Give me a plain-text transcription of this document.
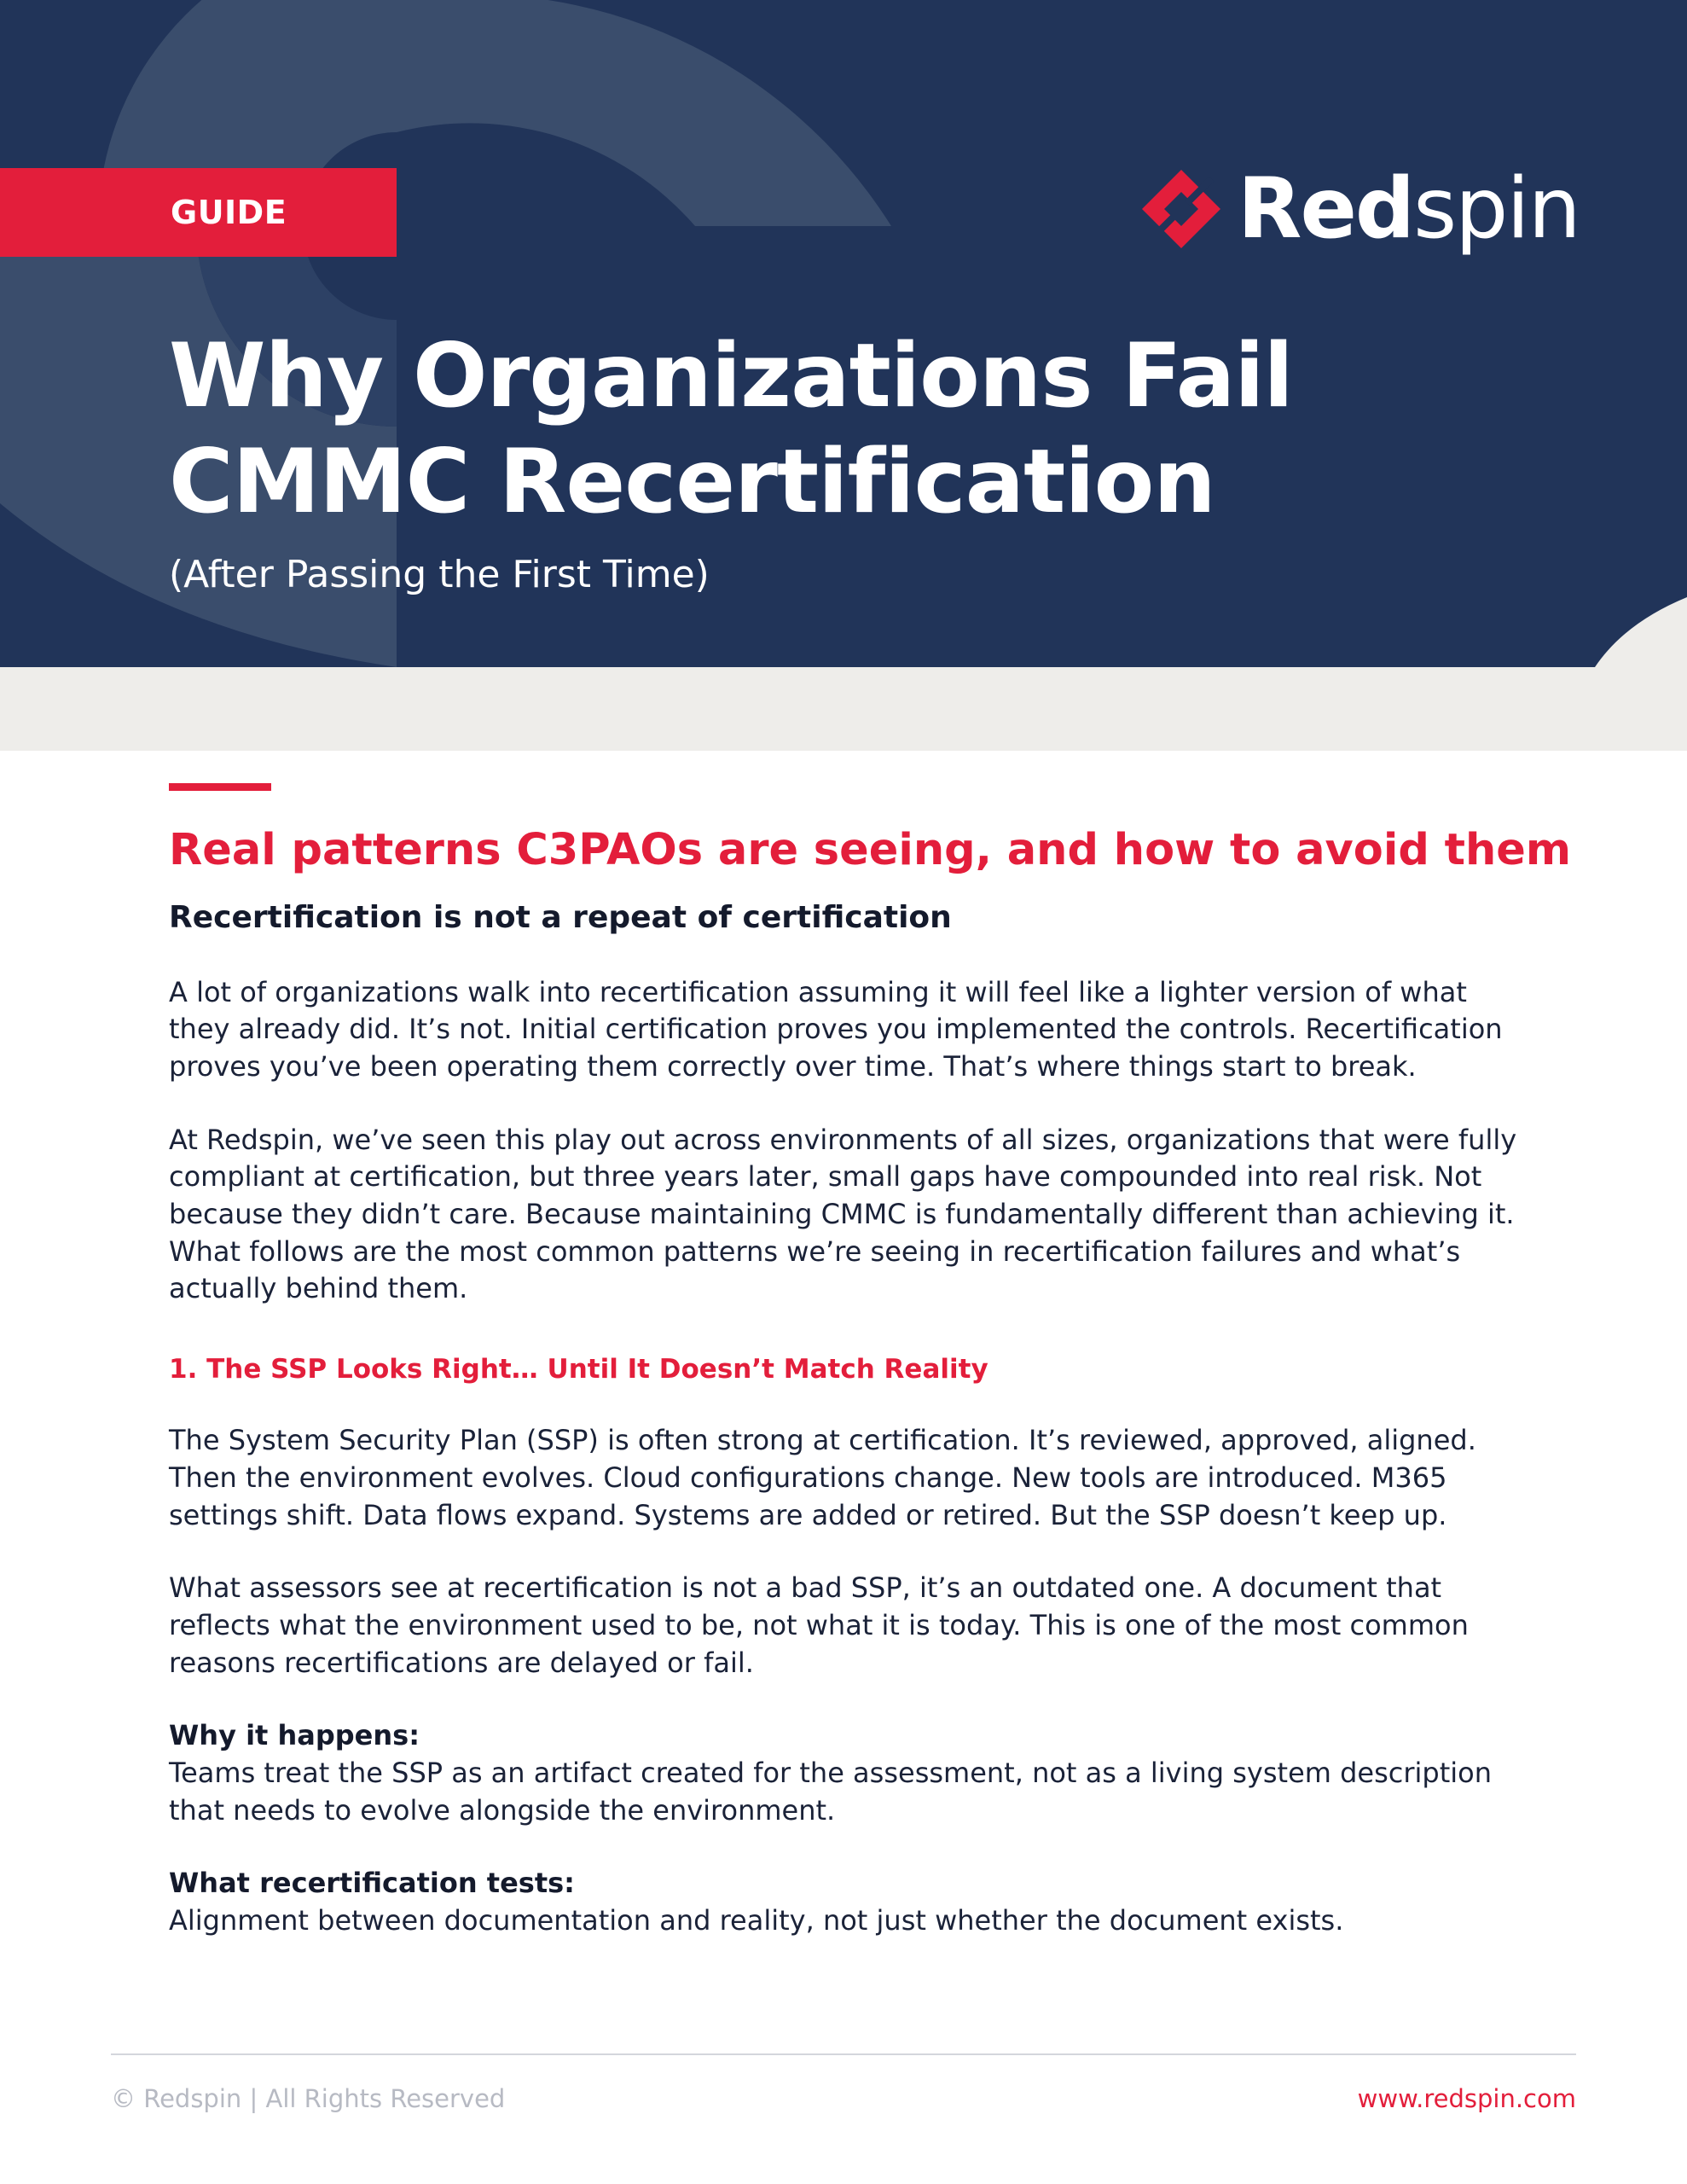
GUIDE	Redspin
Why Organizations Fail
CMMC Recertification
(After Passing the First Time)
Real patterns C3PAOs are seeing, and how to avoid them
Recertification is not a repeat of certification

A lot of organizations walk into recertification assuming it will feel like a lighter version of what they already did. It’s not. Initial certification proves you implemented the controls. Recertification proves you’ve been operating them correctly over time. That’s where things start to break.

At Redspin, we’ve seen this play out across environments of all sizes, organizations that were fully compliant at certification, but three years later, small gaps have compounded into real risk. Not because they didn’t care. Because maintaining CMMC is fundamentally different than achieving it. What follows are the most common patterns we’re seeing in recertification failures and what’s actually behind them.

1. The SSP Looks Right… Until It Doesn’t Match Reality

The System Security Plan (SSP) is often strong at certification. It’s reviewed, approved, aligned. Then the environment evolves. Cloud configurations change. New tools are introduced. M365 settings shift. Data flows expand. Systems are added or retired. But the SSP doesn’t keep up.

What assessors see at recertification is not a bad SSP, it’s an outdated one. A document that reflects what the environment used to be, not what it is today. This is one of the most common reasons recertifications are delayed or fail.

Why it happens:

Teams treat the SSP as an artifact created for the assessment, not as a living system description that needs to evolve alongside the environment.

What recertification tests:

Alignment between documentation and reality, not just whether the document exists.

© Redspin | All Rights Reserved	www.redspin.com
